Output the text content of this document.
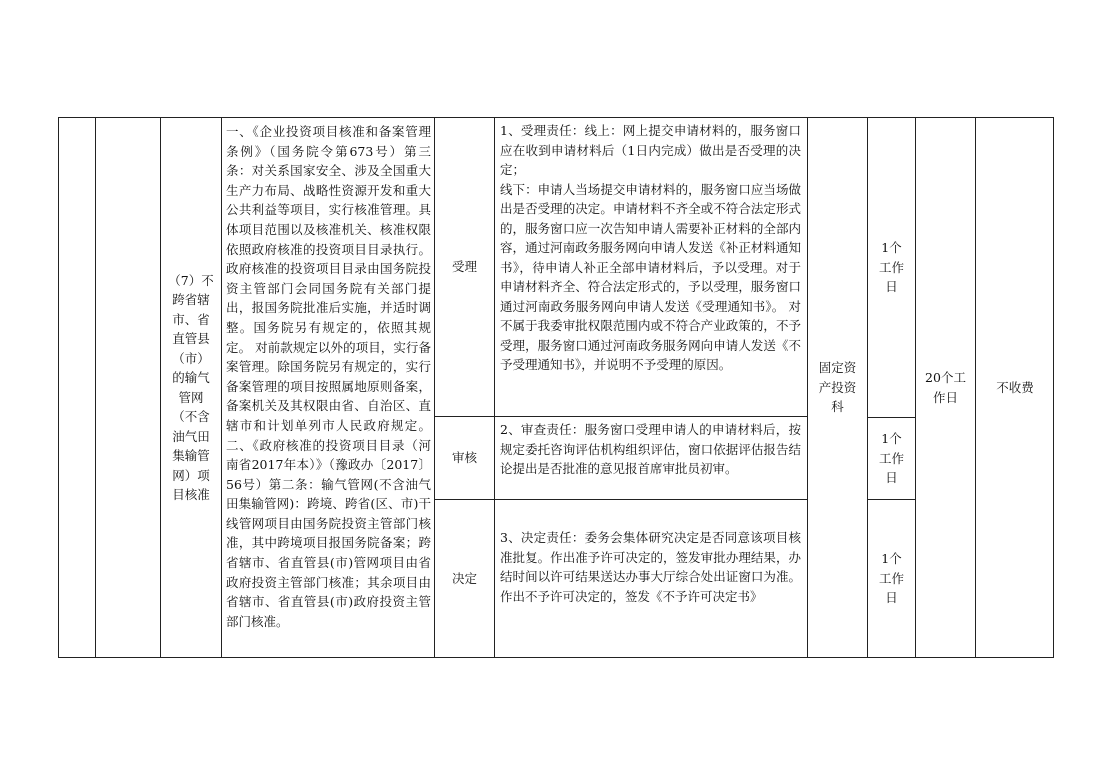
（7）不跨省辖市、省直管县（市）的输气管网（不含油气田集输管网）项目核准
一、《企业投资项目核准和备案管理条例》（国务院令第673号）第三条：对关系国家安全、涉及全国重大生产力布局、战略性资源开发和重大公共利益等项目，实行核准管理。具体项目范围以及核准机关、核准权限依照政府核准的投资项目目录执行。政府核准的投资项目目录由国务院投资主管部门会同国务院有关部门提出，报国务院批准后实施，并适时调整。国务院另有规定的，依照其规定。 对前款规定以外的项目，实行备案管理。除国务院另有规定的，实行备案管理的项目按照属地原则备案，备案机关及其权限由省、自治区、直辖市和计划单列市人民政府规定。二、《政府核准的投资项目目录（河南省2017年本）》（豫政办〔2017〕56号）第二条：输气管网(不含油气田集输管网)：跨境、跨省(区、市)干线管网项目由国务院投资主管部门核准，其中跨境项目报国务院备案；跨省辖市、省直管县(市)管网项目由省政府投资主管部门核准；其余项目由省辖市、省直管县(市)政府投资主管部门核准。
受理
审核
决定
1、受理责任：线上：网上提交申请材料的，服务窗口应在收到申请材料后（1日内完成）做出是否受理的决定；
线下：申请人当场提交申请材料的，服务窗口应当场做出是否受理的决定。申请材料不齐全或不符合法定形式的，服务窗口应一次告知申请人需要补正材料的全部内容，通过河南政务服务网向申请人发送《补正材料通知书》，待申请人补正全部申请材料后，予以受理。对于申请材料齐全、符合法定形式的，予以受理，服务窗口通过河南政务服务网向申请人发送《受理通知书》。 对不属于我委审批权限范围内或不符合产业政策的，不予受理，服务窗口通过河南政务服务网向申请人发送《不予受理通知书》，并说明不予受理的原因。
2、审查责任：服务窗口受理申请人的申请材料后，按规定委托咨询评估机构组织评估，窗口依据评估报告结论提出是否批准的意见报首席审批员初审。
3、决定责任：委务会集体研究决定是否同意该项目核准批复。作出准予许可决定的，签发审批办理结果，办结时间以许可结果送达办事大厅综合处出证窗口为准。作出不予许可决定的，签发《不予许可决定书》
固定资产投资科
1个工作日
1个工作日
1个工作日
20个工作日
不收费
